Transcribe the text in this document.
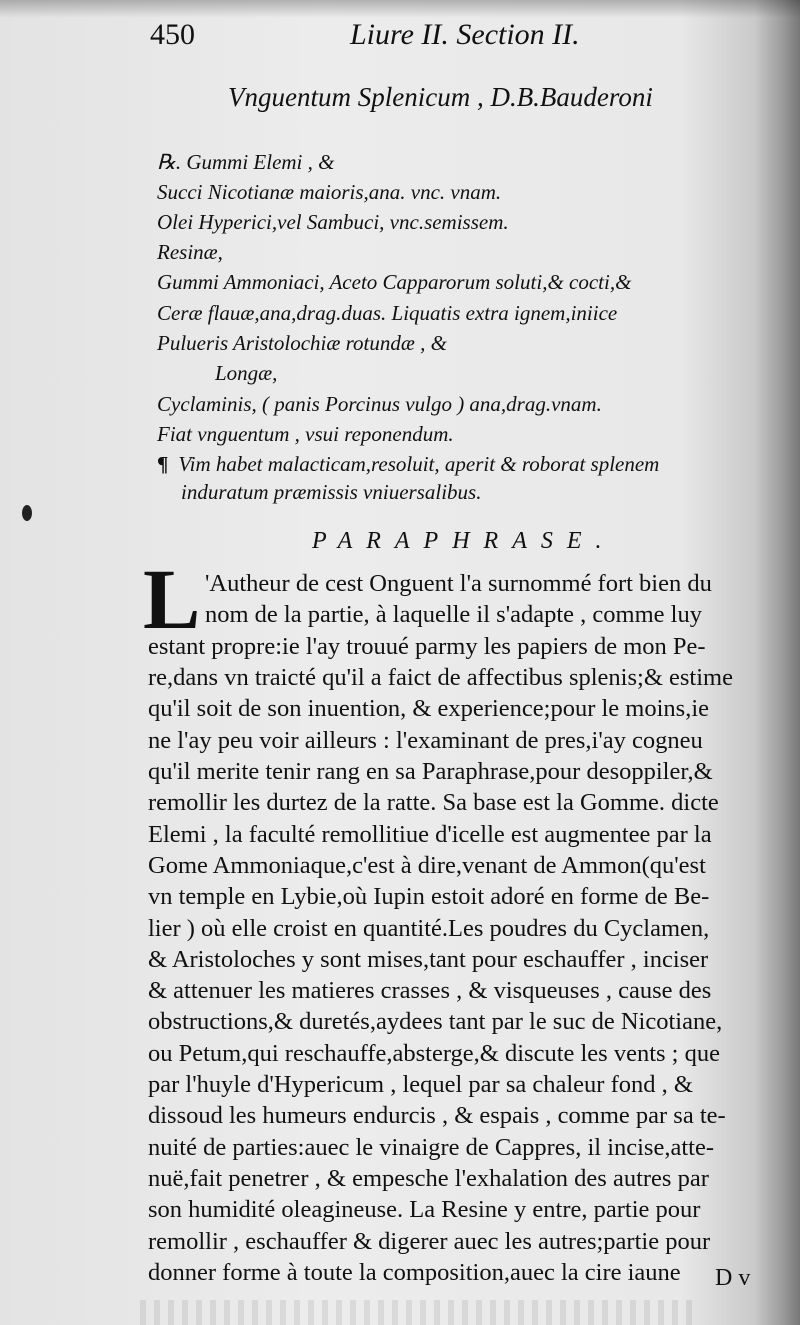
450	Liure II. Section II.
Vnguentum Splenicum , D.B.Bauderoni
℞. Gummi Elemi , &
Succi Nicotianæ maioris,ana. vnc. vnam.
Olei Hyperici,vel Sambuci, vnc.semissem.
Resinæ,
Gummi Ammoniaci, Aceto Capparorum soluti,& cocti,&
Ceræ flauæ,ana,drag.duas. Liquatis extra ignem,iniice
Pulueris Aristolochiæ rotundæ , &
Longæ,
Cyclaminis, ( panis Porcinus vulgo ) ana,drag.vnam.
Fiat vnguentum , vsui reponendum.
¶ Vim habet malacticam,resoluit, aperit & roborat splenem
induratum præmissis vniuersalibus.
PARAPHRASE.
L 'Autheur de cest Onguent l'a surnommé fort bien du
nom de la partie, à laquelle il s'adapte , comme luy
estant propre:ie l'ay trouué parmy les papiers de mon Pe-
re,dans vn traicté qu'il a faict de affectibus splenis;& estime
qu'il soit de son inuention, & experience;pour le moins,ie
ne l'ay peu voir ailleurs : l'examinant de pres,i'ay cogneu
qu'il merite tenir rang en sa Paraphrase,pour desoppiler,&
remollir les durtez de la ratte. Sa base est la Gomme. dicte
Elemi , la faculté remollitiue d'icelle est augmentee par la
Gome Ammoniaque,c'est à dire,venant de Ammon(qu'est
vn temple en Lybie,où Iupin estoit adoré en forme de Be-
lier ) où elle croist en quantité.Les poudres du Cyclamen,
& Aristoloches y sont mises,tant pour eschauffer , inciser
& attenuer les matieres crasses , & visqueuses , cause des
obstructions,& duretés,aydees tant par le suc de Nicotiane,
ou Petum,qui reschauffe,absterge,& discute les vents ; que
par l'huyle d'Hypericum , lequel par sa chaleur fond , &
dissoud les humeurs endurcis , & espais , comme par sa te-
nuité de parties:auec le vinaigre de Cappres, il incise,atte-
nuë,fait penetrer , & empesche l'exhalation des autres par
son humidité oleagineuse. La Resine y entre, partie pour
remollir , eschauffer & digerer auec les autres;partie pour
donner forme à toute la composition,auec la cire iaune D v
